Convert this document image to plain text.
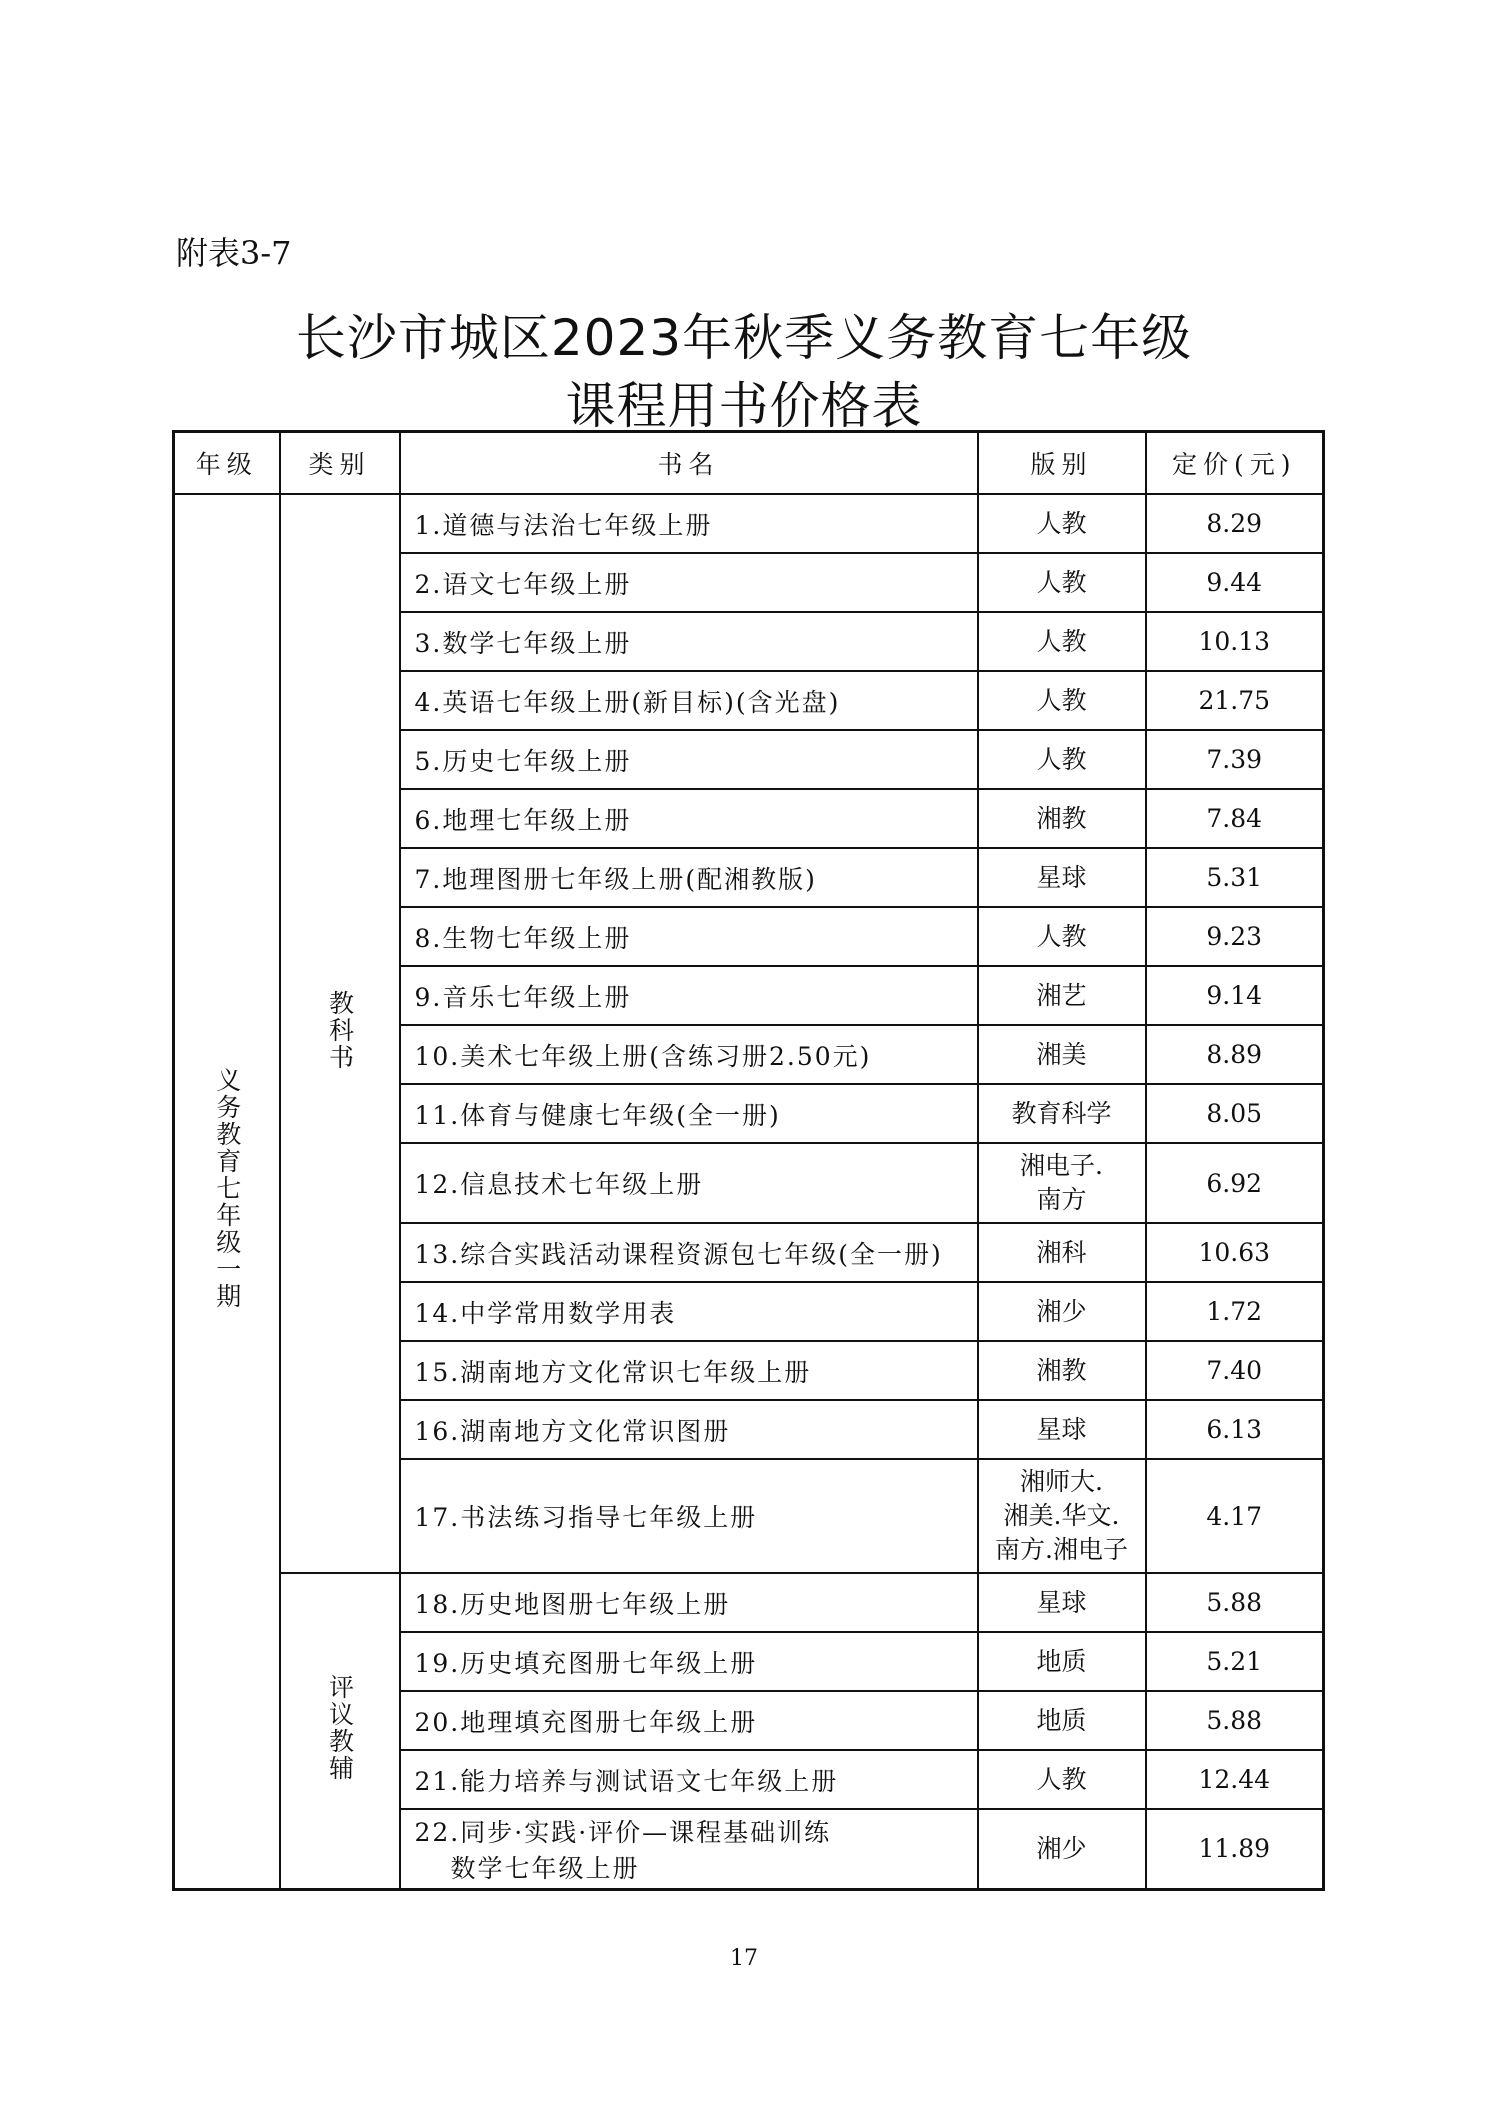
附表3-7
长沙市城区2023年秋季义务教育七年级
课程用书价格表
年级	类别	书名	版别	定价(元)
义务教育七年级一期	教科书	1.道德与法治七年级上册	人教	8.29

		2.语文七年级上册	人教	9.44

		3.数学七年级上册	人教	10.13

		4.英语七年级上册(新目标)(含光盘)	人教	21.75

		5.历史七年级上册	人教	7.39

		6.地理七年级上册	湘教	7.84

		7.地理图册七年级上册(配湘教版)	星球	5.31

		8.生物七年级上册	人教	9.23

		9.音乐七年级上册	湘艺	9.14

		10.美术七年级上册(含练习册2.50元)	湘美	8.89

		11.体育与健康七年级(全一册)	教育科学	8.05

		12.信息技术七年级上册	湘电子.
南方	6.92

		13.综合实践活动课程资源包七年级(全一册)	湘科	10.63

		14.中学常用数学用表	湘少	1.72

		15.湖南地方文化常识七年级上册	湘教	7.40

		16.湖南地方文化常识图册	星球	6.13

		17.书法练习指导七年级上册	湘师大.
湘美.华文.
南方.湘电子	4.17
	评议教辅	18.历史地图册七年级上册	星球	5.88

		19.历史填充图册七年级上册	地质	5.21

		20.地理填充图册七年级上册	地质	5.88

		21.能力培养与测试语文七年级上册	人教	12.44

		22.同步·实践·评价—课程基础训练
数学七年级上册	湘少	11.89
17
